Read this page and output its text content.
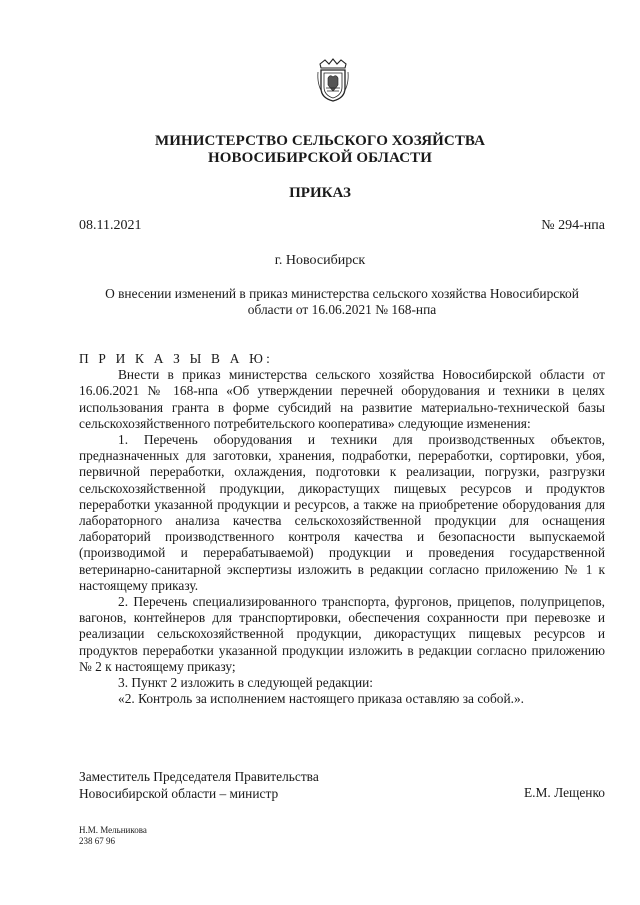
МИНИСТЕРСТВО СЕЛЬСКОГО ХОЗЯЙСТВА
НОВОСИБИРСКОЙ ОБЛАСТИ
ПРИКАЗ
08.11.2021	№ 294-нпа
г. Новосибирск
О внесении изменений в приказ министерства сельского хозяйства Новосибирской
области от 16.06.2021 № 168-нпа
П Р И К А З Ы В А Ю:

Внести в приказ министерства сельского хозяйства Новосибирской области от 16.06.2021 № 168-нпа «Об утверждении перечней оборудования и техники в целях использования гранта в форме субсидий на развитие материально-технической базы сельскохозяйственного потребительского кооператива» следующие изменения:

1. Перечень оборудования и техники для производственных объектов, предназначенных для заготовки, хранения, подработки, переработки, сортировки, убоя, первичной переработки, охлаждения, подготовки к реализации, погрузки, разгрузки сельскохозяйственной продукции, дикорастущих пищевых ресурсов и продуктов переработки указанной продукции и ресурсов, а также на приобретение оборудования для лабораторного анализа качества сельскохозяйственной продукции для оснащения лабораторий производственного контроля качества и безопасности выпускаемой (производимой и перерабатываемой) продукции и проведения государственной ветеринарно-санитарной экспертизы изложить в редакции согласно приложению № 1 к настоящему приказу.

2. Перечень специализированного транспорта, фургонов, прицепов, полуприцепов, вагонов, контейнеров для транспортировки, обеспечения сохранности при перевозке и реализации сельскохозяйственной продукции, дикорастущих пищевых ресурсов и продуктов переработки указанной продукции изложить в редакции согласно приложению № 2 к настоящему приказу;

3. Пункт 2 изложить в следующей редакции:

«2. Контроль за исполнением настоящего приказа оставляю за собой.».

Заместитель Председателя Правительства
Новосибирской области – министр	Е.М. Лещенко
Н.М. Мельникова
238 67 96
